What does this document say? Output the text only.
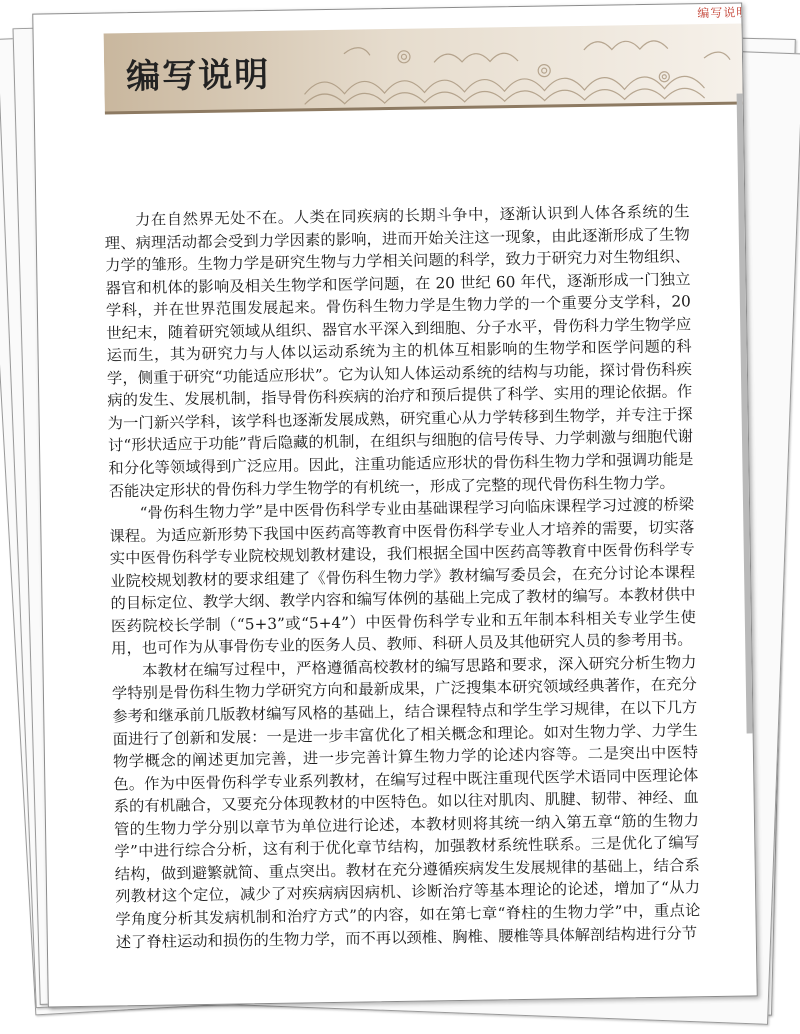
编写说明
编写说明

力在自然界无处不在。人类在同疾病的长期斗争中，逐渐认识到人体各系统的生理、病理活动都会受到力学因素的影响，进而开始关注这一现象，由此逐渐形成了生物力学的雏形。生物力学是研究生物与力学相关问题的科学，致力于研究力对生物组织、器官和机体的影响及相关生物学和医学问题，在 20 世纪 60 年代，逐渐形成一门独立学科，并在世界范围发展起来。骨伤科生物力学是生物力学的一个重要分支学科，20 世纪末，随着研究领域从组织、器官水平深入到细胞、分子水平，骨伤科力学生物学应运而生，其为研究力与人体以运动系统为主的机体互相影响的生物学和医学问题的科学，侧重于研究“功能适应形状”。它为认知人体运动系统的结构与功能，探讨骨伤科疾病的发生、发展机制，指导骨伤科疾病的治疗和预后提供了科学、实用的理论依据。作为一门新兴学科，该学科也逐渐发展成熟，研究重心从力学转移到生物学，并专注于探讨“形状适应于功能”背后隐藏的机制，在组织与细胞的信号传导、力学刺激与细胞代谢和分化等领域得到广泛应用。因此，注重功能适应形状的骨伤科生物力学和强调功能是否能决定形状的骨伤科力学生物学的有机统一，形成了完整的现代骨伤科生物力学。

“骨伤科生物力学”是中医骨伤科学专业由基础课程学习向临床课程学习过渡的桥梁课程。为适应新形势下我国中医药高等教育中医骨伤科学专业人才培养的需要，切实落实中医骨伤科学专业院校规划教材建设，我们根据全国中医药高等教育中医骨伤科学专业院校规划教材的要求组建了《骨伤科生物力学》教材编写委员会，在充分讨论本课程的目标定位、教学大纲、教学内容和编写体例的基础上完成了教材的编写。本教材供中医药院校长学制（“5+3”或“5+4”）中医骨伤科学专业和五年制本科相关专业学生使用，也可作为从事骨伤专业的医务人员、教师、科研人员及其他研究人员的参考用书。

本教材在编写过程中，严格遵循高校教材的编写思路和要求，深入研究分析生物力学特别是骨伤科生物力学研究方向和最新成果，广泛搜集本研究领域经典著作，在充分参考和继承前几版教材编写风格的基础上，结合课程特点和学生学习规律，在以下几方面进行了创新和发展：一是进一步丰富优化了相关概念和理论。如对生物力学、力学生物学概念的阐述更加完善，进一步完善计算生物力学的论述内容等。二是突出中医特色。作为中医骨伤科学专业系列教材，在编写过程中既注重现代医学术语同中医理论体系的有机融合，又要充分体现教材的中医特色。如以往对肌肉、肌腱、韧带、神经、血管的生物力学分别以章节为单位进行论述，本教材则将其统一纳入第五章“筋的生物力学”中进行综合分析，这有利于优化章节结构，加强教材系统性联系。三是优化了编写结构，做到避繁就简、重点突出。教材在充分遵循疾病发生发展规律的基础上，结合系列教材这个定位，减少了对疾病病因病机、诊断治疗等基本理论的论述，增加了“从力学角度分析其发病机制和治疗方式”的内容，如在第七章“脊柱的生物力学”中，重点论述了脊柱运动和损伤的生物力学，而不再以颈椎、胸椎、腰椎等具体解剖结构进行分节
